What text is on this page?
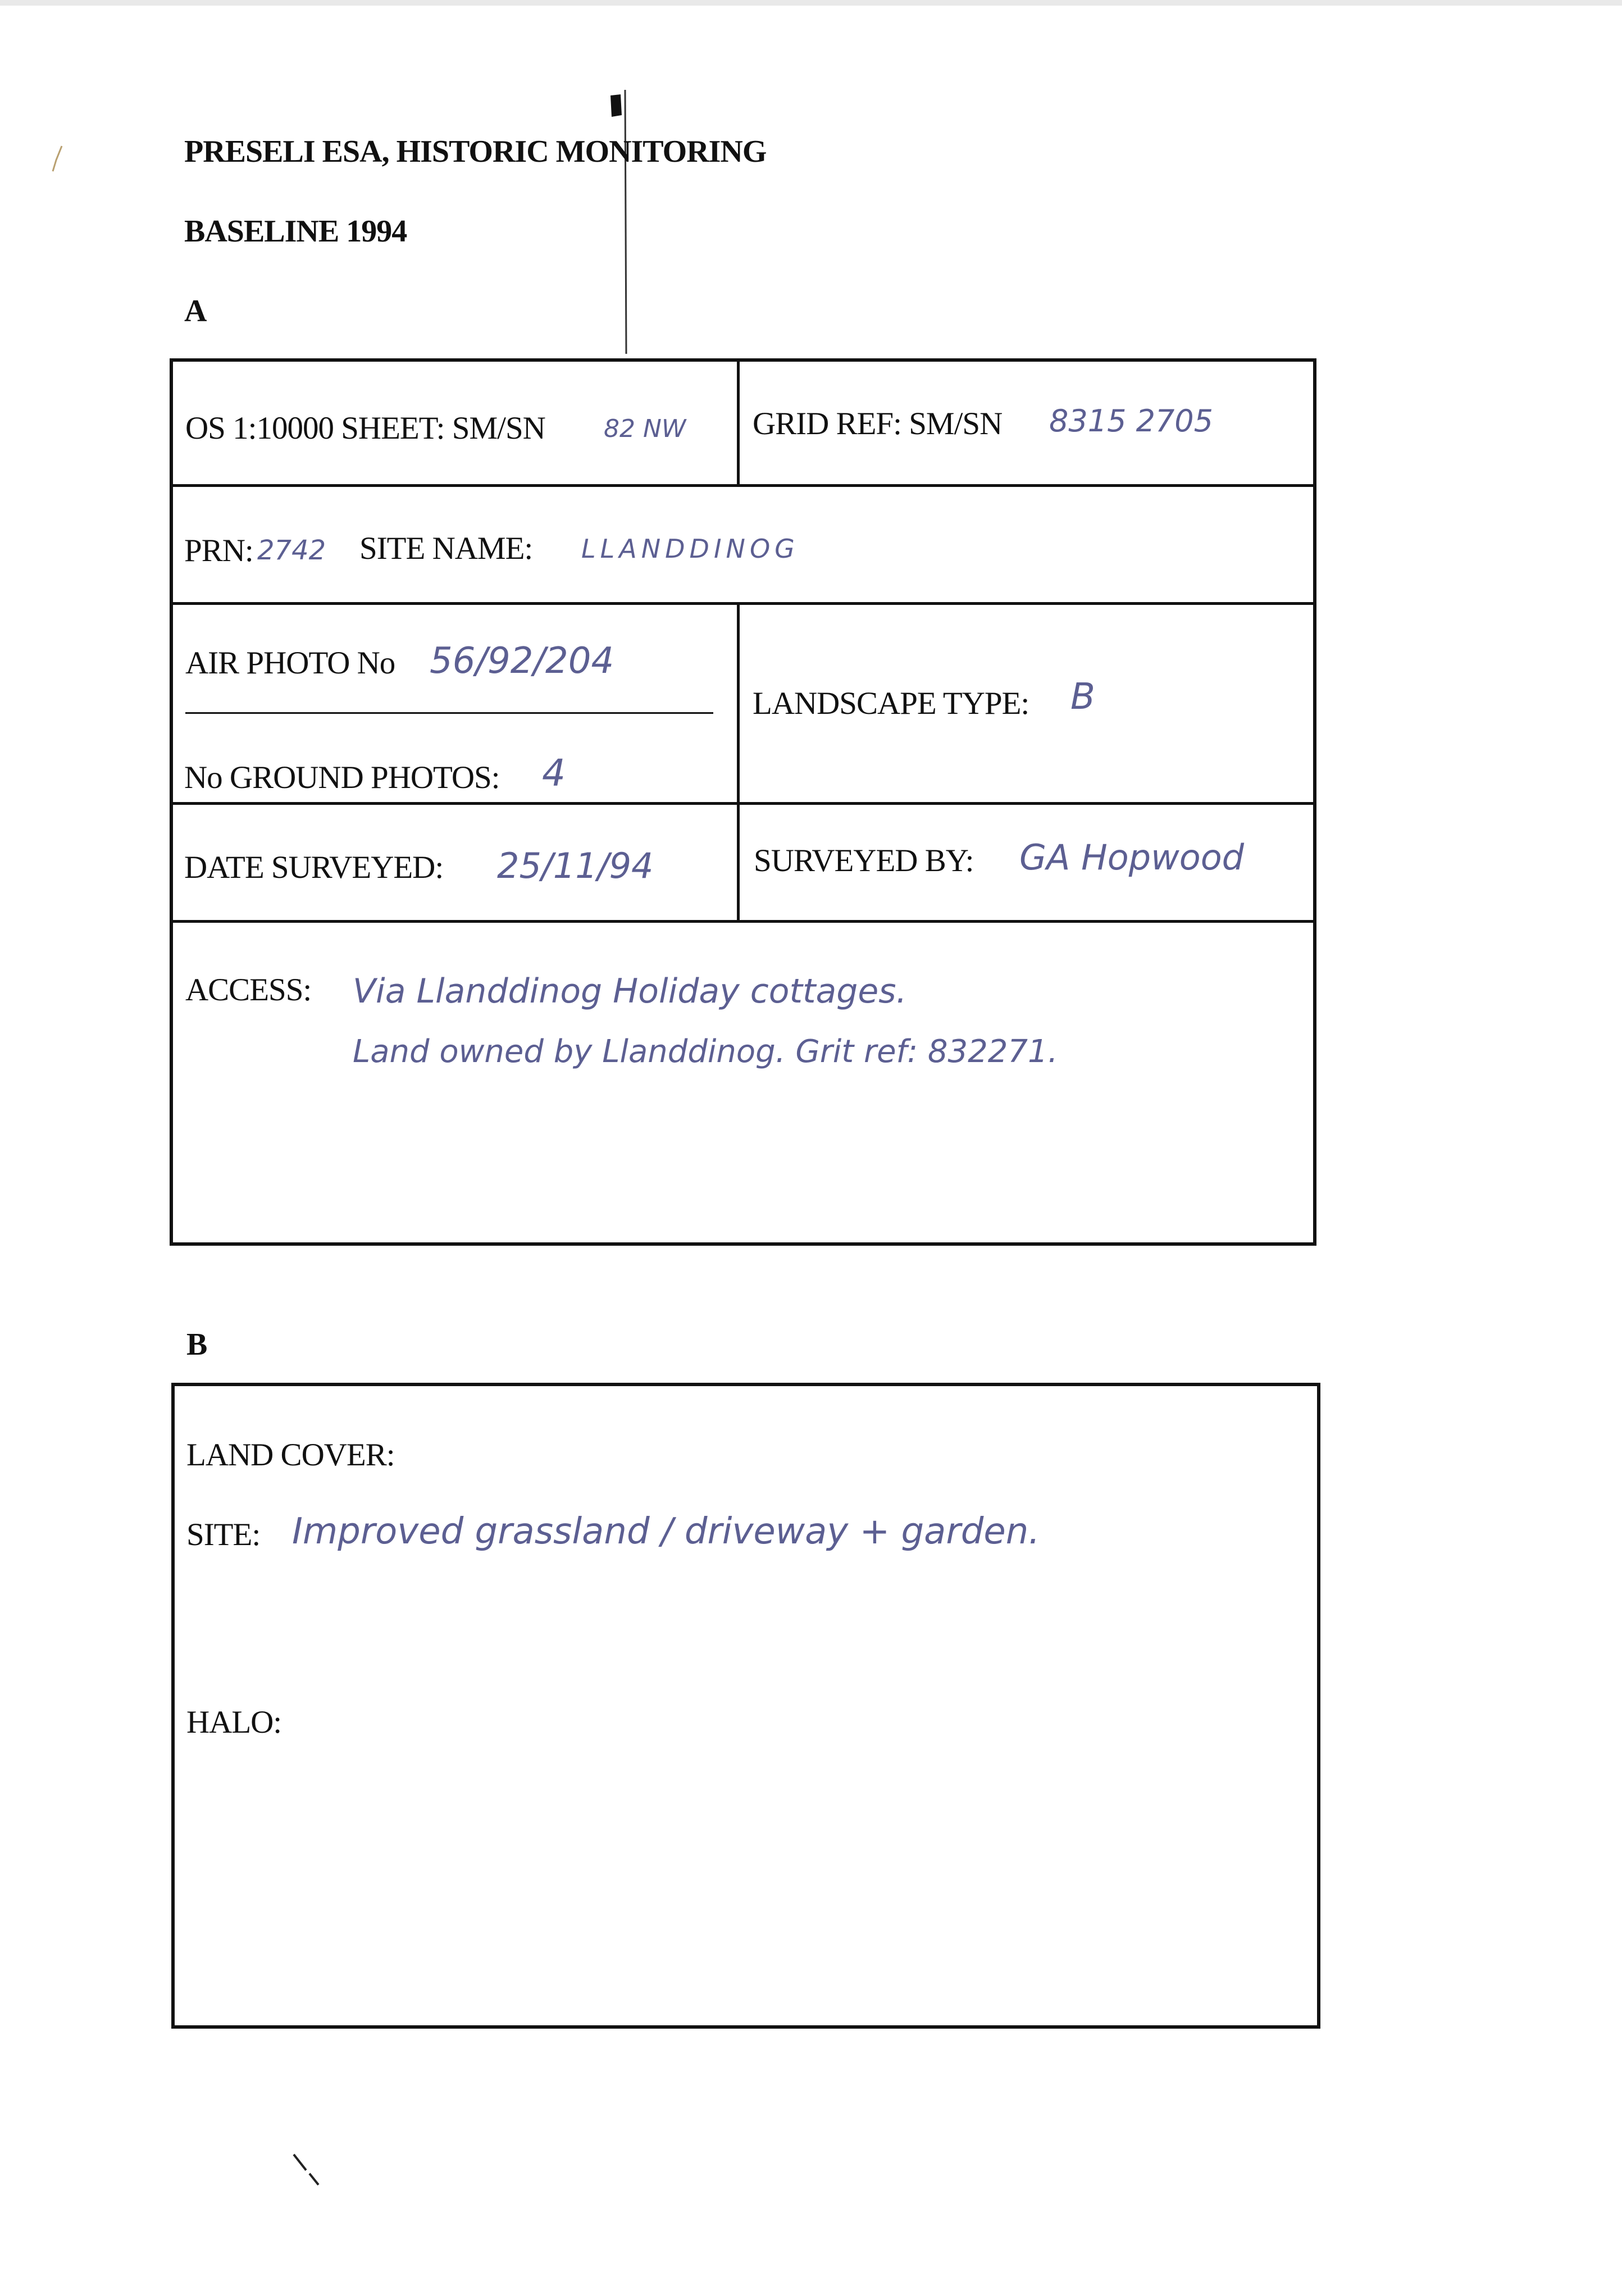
PRESELI ESA, HISTORIC MONITORING
BASELINE 1994
A
OS 1:10000 SHEET: SM/SN 82 NW GRID REF: SM/SN 8315 2705
PRN: 2742 SITE NAME: LLANDDINOG
AIR PHOTO No 56/92/204
No GROUND PHOTOS: 4
LANDSCAPE TYPE: B
DATE SURVEYED: 25/11/94	SURVEYED BY: GA Hopwood
ACCESS: Via Llanddinog Holiday cottages.
Land owned by Llanddinog. Grit ref: 832271.
B
LAND COVER:
SITE: Improved grassland / driveway + garden.
HALO:
